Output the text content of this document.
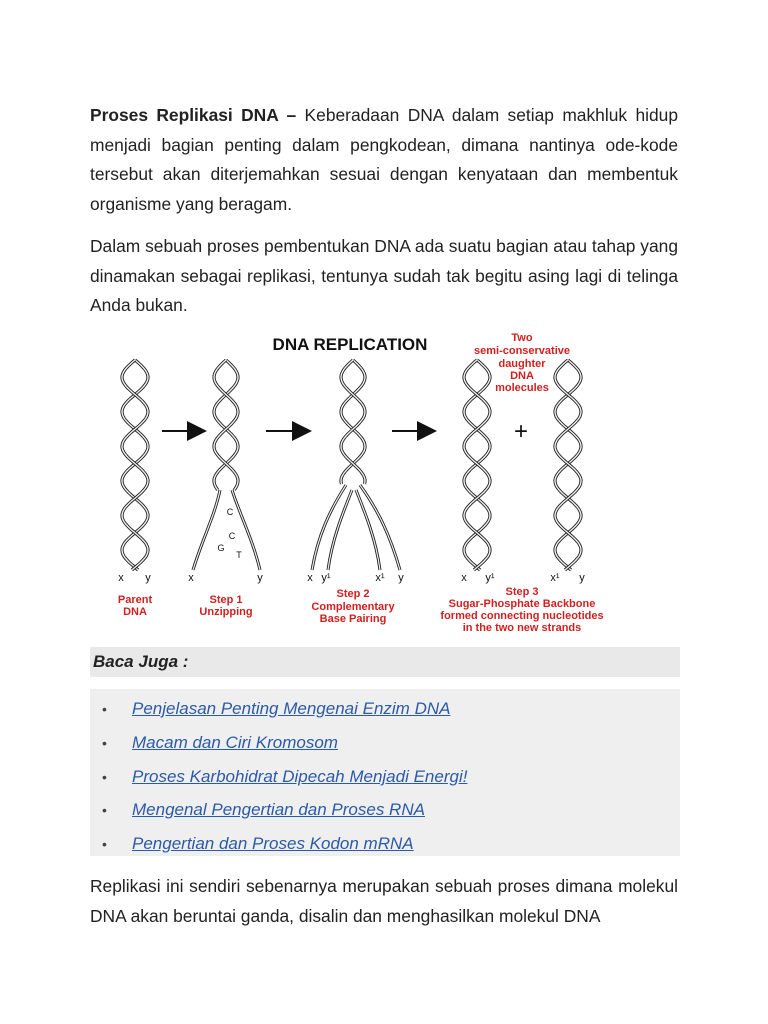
Proses Replikasi DNA – Keberadaan DNA dalam setiap makhluk hidup menjadi bagian penting dalam pengkodean, dimana nantinya ode-kode tersebut akan diterjemahkan sesuai dengan kenyataan dan membentuk organisme yang beragam.

Dalam sebuah proses pembentukan DNA ada suatu bagian atau tahap yang dinamakan sebagai replikasi, tentunya sudah tak begitu asing lagi di telinga Anda bukan.

DNA REPLICATION
+
Two
semi-conservative
daughter
DNA
molecules
x y	x	y	x y¹	x¹ y	x y¹	x¹ y
C
C
G
T
Parent
DNA
Step 1
Unzipping
Step 2
Complementary
Base Pairing
Step 3
Sugar-Phosphate Backbone
formed connecting nucleotides
in the two new strands
Baca Juga :
• Penjelasan Penting Mengenai Enzim DNA
• Macam dan Ciri Kromosom
• Proses Karbohidrat Dipecah Menjadi Energi!
• Mengenal Pengertian dan Proses RNA
• Pengertian dan Proses Kodon mRNA

Replikasi ini sendiri sebenarnya merupakan sebuah proses dimana molekul DNA akan beruntai ganda, disalin dan menghasilkan molekul DNA
